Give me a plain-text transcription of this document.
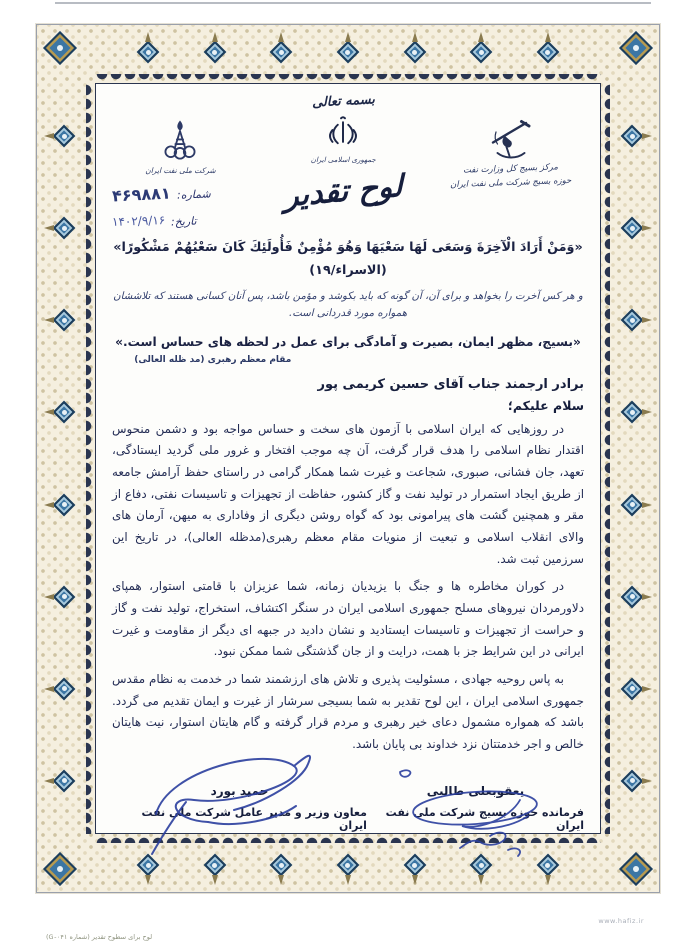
شرکت ملی نفت ایران
شماره:
۴۶۹۸۸۱
تاریخ:
۱۴۰۲/۹/۱۶
بسمه تعالی
جمهوری اسلامی ایران
لوح تقدیر	مرکز بسیج کل وزارت نفت
حوزه بسیج شرکت ملی نفت ایران
«وَمَنْ أَرَادَ الْآخِرَةَ وَسَعَى لَهَا سَعْيَهَا وَهُوَ مُؤْمِنٌ فَأُولَئِكَ كَانَ سَعْيُهُمْ مَشْكُورًا» (الاسراء/۱۹)
و هر کس آخرت را بخواهد و برای آن، آن گونه که باید بکوشد و مؤمن باشد، پس آنان کسانی هستند که تلاششان همواره مورد قدردانی است.
«بسیج، مظهر ایمان، بصیرت و آمادگی برای عمل در لحظه های حساس است.»
مقام معظم رهبری (مد ظله العالی)
برادر ارجمند جناب آقای حسین کریمی پور
سلام علیکم؛
در روزهایی که ایران اسلامی با آزمون های سخت و حساس مواجه بود و دشمن منحوس اقتدار نظام اسلامی را هدف قرار گرفت، آن چه موجب افتخار و غرور ملی گردید ایستادگی، تعهد، جان فشانی، صبوری، شجاعت و غیرت شما همکار گرامی در راستای حفظ آرامش جامعه از طریق ایجاد استمرار در تولید نفت و گاز کشور، حفاظت از تجهیزات و تاسیسات نفتی، دفاع از مقر و همچنین گشت های پیرامونی بود که گواه روشن دیگری از وفاداری به میهن، آرمان های والای انقلاب اسلامی و تبعیت از منویات مقام معظم رهبری(مدظله العالی)، در تاریخ این سرزمین ثبت شد.
در کوران مخاطره ها و جنگ با یزیدیان زمانه، شما عزیزان با قامتی استوار، همپای دلاورمردان نیروهای مسلح جمهوری اسلامی ایران در سنگر اکتشاف، استخراج، تولید نفت و گاز و حراست از تجهیزات و تاسیسات ایستادید و نشان دادید در جبهه ای دیگر از مقاومت و غیرت ایرانی در این شرایط جز با همت، درایت و از جان گذشتگی شما ممکن نبود.
به پاس روحیه جهادی ، مسئولیت پذیری و تلاش های ارزشمند شما در خدمت به نظام مقدس جمهوری اسلامی ایران ، این لوح تقدیر به شما بسیجی سرشار از غیرت و ایمان تقدیم می گردد. باشد که همواره مشمول دعای خیر رهبری و مردم قرار گرفته و گام هایتان استوار، نیت هایتان خالص و اجر خدمتتان نزد خداوند بی پایان باشد.
یعقوبعلی طالبی
فرمانده حوزه بسیج شرکت ملی نفت ایران
حمید بورد
معاون وزیر و مدیر عامل شرکت ملی نفت ایران
لوح برای سطوح تقدیر (شماره G-۰۴۱)
www.hafiz.ir
